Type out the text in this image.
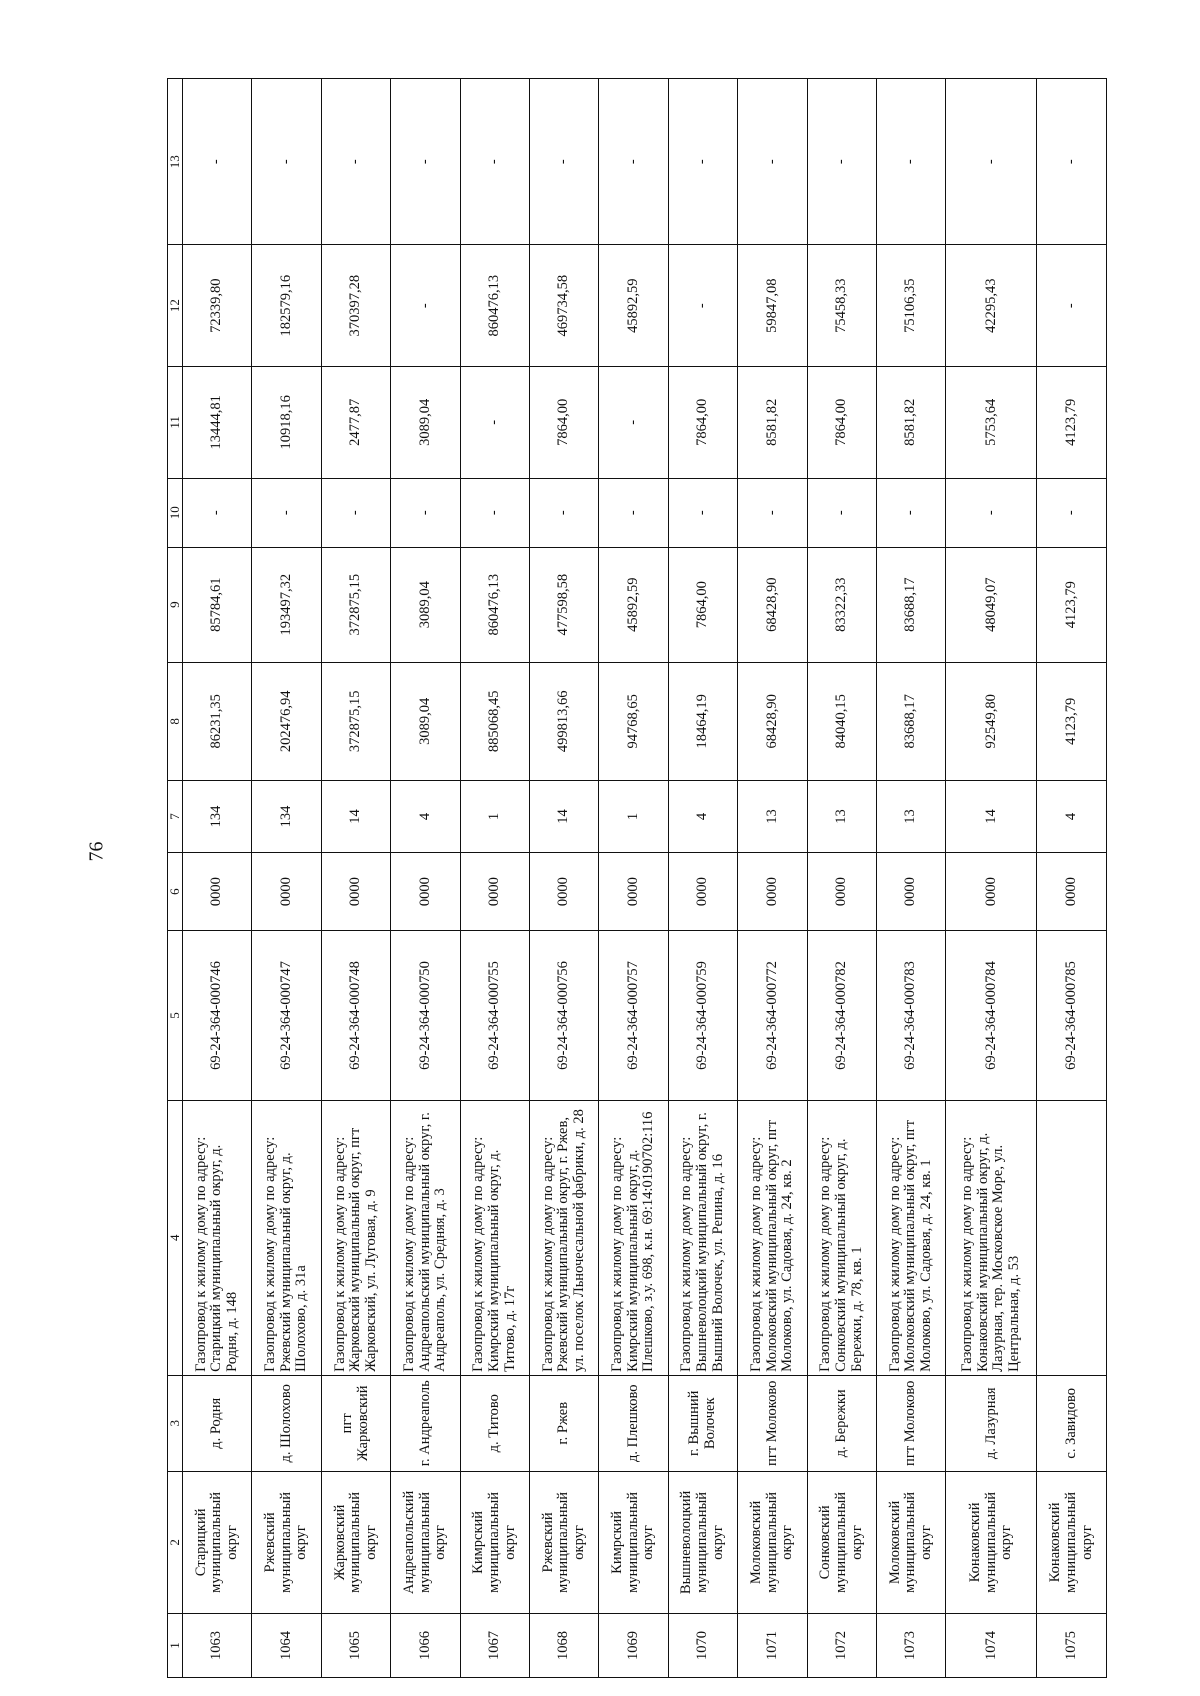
76
1	2	3	4	5	6	7	8	9	10	11	12	13
1063	Старицкий муниципальный округ	д. Родня	Газопровод к жилому дому по адресу: Старицкий муниципальный округ, д. Родня, д. 148	69-24-364-000746	0000	134	86231,35	85784,61	-	13444,81	72339,80	-
1064	Ржевский муниципальный округ	д. Шолохово	Газопровод к жилому дому по адресу: Ржевский муниципальный округ, д. Шолохово, д. 31а	69-24-364-000747	0000	134	202476,94	193497,32	-	10918,16	182579,16	-
1065	Жарковский муниципальный округ	пгт Жарковский	Газопровод к жилому дому по адресу: Жарковский муниципальный округ, пгт Жарковский, ул. Луговая, д. 9	69-24-364-000748	0000	14	372875,15	372875,15	-	2477,87	370397,28	-
1066	Андреапольский муниципальный округ	г. Андреаполь	Газопровод к жилому дому по адресу: Андреапольский муниципальный округ, г. Андреаполь, ул. Средняя, д. 3	69-24-364-000750	0000	4	3089,04	3089,04	-	3089,04	-	-
1067	Кимрский муниципальный округ	д. Титово	Газопровод к жилому дому по адресу: Кимрский муниципальный округ, д. Титово, д. 17г	69-24-364-000755	0000	1	885068,45	860476,13	-	-	860476,13	-
1068	Ржевский муниципальный округ	г. Ржев	Газопровод к жилому дому по адресу: Ржевский муниципальный округ, г. Ржев, ул. поселок Льночесальной фабрики, д. 28	69-24-364-000756	0000	14	499813,66	477598,58	-	7864,00	469734,58	-
1069	Кимрский муниципальный округ	д. Плешково	Газопровод к жилому дому по адресу: Кимрский муниципальный округ, д. Плешково, з.у. 698, к.н. 69:14:0190702:116	69-24-364-000757	0000	1	94768,65	45892,59	-	-	45892,59	-
1070	Вышневолоцкий муниципальный округ	г. Вышний Волочек	Газопровод к жилому дому по адресу: Вышневолоцкий муниципальный округ, г. Вышний Волочек, ул. Репина, д. 16	69-24-364-000759	0000	4	18464,19	7864,00	-	7864,00	-	-
1071	Молоковский муниципальный округ	пгт Молоково	Газопровод к жилому дому по адресу: Молоковский муниципальный округ, пгт Молоково, ул. Садовая, д. 24, кв. 2	69-24-364-000772	0000	13	68428,90	68428,90	-	8581,82	59847,08	-
1072	Сонковский муниципальный округ	д. Бережки	Газопровод к жилому дому по адресу: Сонковский муниципальный округ, д. Бережки, д. 78, кв. 1	69-24-364-000782	0000	13	84040,15	83322,33	-	7864,00	75458,33	-
1073	Молоковский муниципальный округ	пгт Молоково	Газопровод к жилому дому по адресу: Молоковский муниципальный округ, пгт Молоково, ул. Садовая, д. 24, кв. 1	69-24-364-000783	0000	13	83688,17	83688,17	-	8581,82	75106,35	-
1074	Конаковский муниципальный округ	д. Лазурная	Газопровод к жилому дому по адресу: Конаковский муниципальный округ, д. Лазурная, тер. Московское Море, ул. Центральная, д. 53	69-24-364-000784	0000	14	92549,80	48049,07	-	5753,64	42295,43	-
1075	Конаковский муниципальный округ	с. Завидово		69-24-364-000785	0000	4	4123,79	4123,79	-	4123,79	-	-
